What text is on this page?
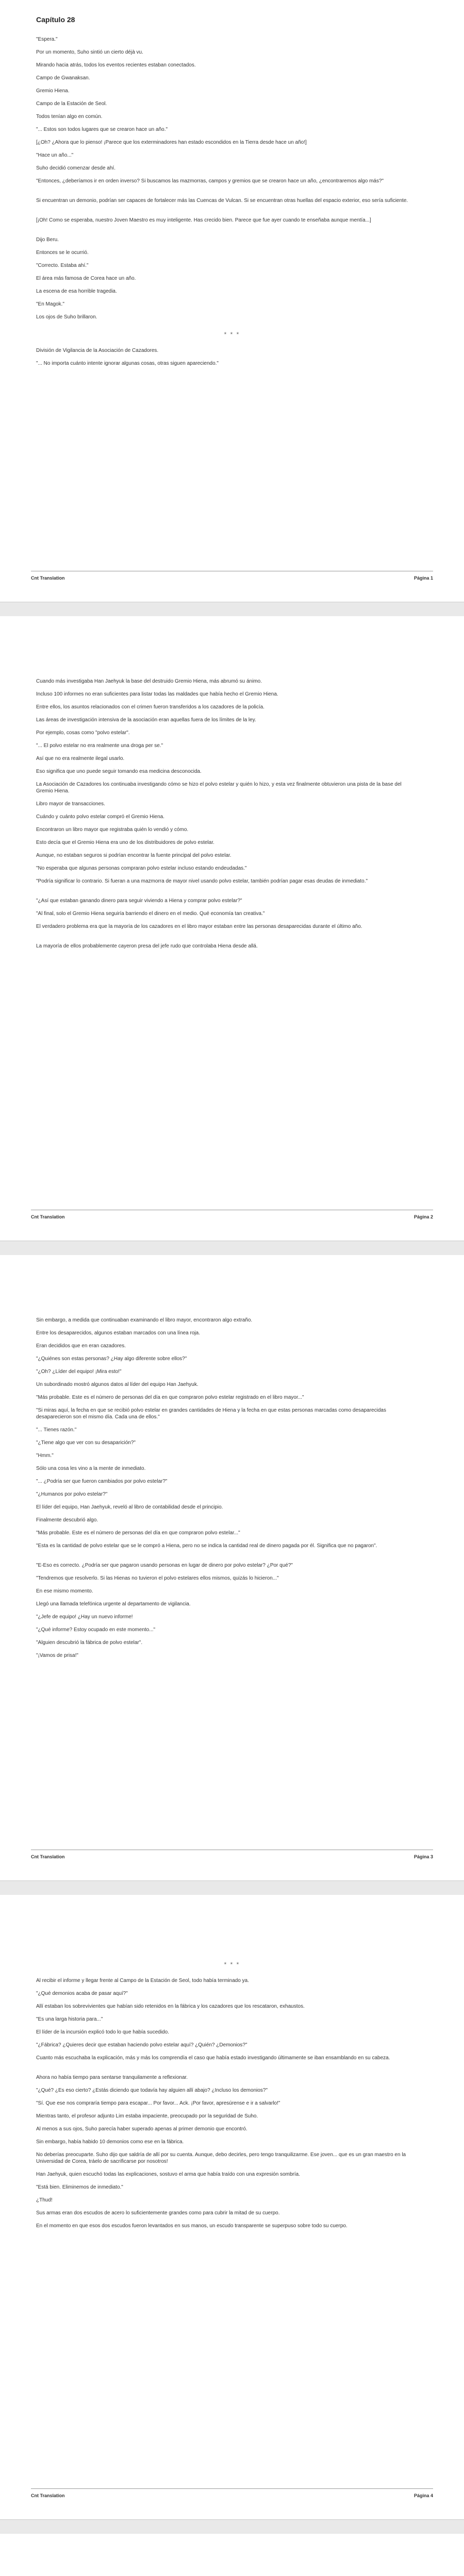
Capítulo 28
"Espera."
Por un momento, Suho sintió un cierto déjà vu.
Mirando hacia atrás, todos los eventos recientes estaban conectados.
Campo de Gwanaksan.
Gremio Hiena.
Campo de la Estación de Seol.
Todos tenían algo en común.
"... Estos son todos lugares que se crearon hace un año."
[¿Oh? ¿Ahora que lo pienso! ¡Parece que los exterminadores han estado escondidos en la Tierra desde hace un año!]
"Hace un año..."
Suho decidió comenzar desde ahí.
"Entonces, ¿deberíamos ir en orden inverso? Si buscamos las mazmorras, campos y gremios que se crearon hace un año, ¿encontraremos algo más?"
Si encuentran un demonio, podrían ser capaces de fortalecer más las Cuencas de Vulcan. Si se encuentran otras huellas del espacio exterior, eso sería suficiente.
[¡Oh! Como se esperaba, nuestro Joven Maestro es muy inteligente. Has crecido bien. Parece que fue ayer cuando te enseñaba aunque mentía...]
Dijo Beru.
Entonces se le ocurrió.
"Correcto. Estaba ahí."
El área más famosa de Corea hace un año.
La escena de esa horrible tragedia.
"En Magok."
Los ojos de Suho brillaron.
* * *
División de Vigilancia de la Asociación de Cazadores.
"... No importa cuánto intente ignorar algunas cosas, otras siguen apareciendo."
Cnt Translation	Página 1
Cuando más investigaba Han Jaehyuk la base del destruido Gremio Hiena, más abrumó su ánimo.
Incluso 100 informes no eran suficientes para listar todas las maldades que había hecho el Gremio Hiena.
Entre ellos, los asuntos relacionados con el crimen fueron transferidos a los cazadores de la policía.
Las áreas de investigación intensiva de la asociación eran aquellas fuera de los límites de la ley.
Por ejemplo, cosas como "polvo estelar".
"... El polvo estelar no era realmente una droga per se."
Así que no era realmente ilegal usarlo.
Eso significa que uno puede seguir tomando esa medicina desconocida.
La Asociación de Cazadores los continuaba investigando cómo se hizo el polvo estelar y quién lo hizo, y esta vez finalmente obtuvieron una pista de la base del Gremio Hiena.
Libro mayor de transacciones.
Cuándo y cuánto polvo estelar compró el Gremio Hiena.
Encontraron un libro mayor que registraba quién lo vendió y cómo.
Esto decía que el Gremio Hiena era uno de los distribuidores de polvo estelar.
Aunque, no estaban seguros si podrían encontrar la fuente principal del polvo estelar.
"No esperaba que algunas personas compraran polvo estelar incluso estando endeudadas."
"Podría significar lo contrario. Si fueran a una mazmorra de mayor nivel usando polvo estelar, también podrían pagar esas deudas de inmediato."
"¿Así que estaban ganando dinero para seguir viviendo a Hiena y comprar polvo estelar?"
"Al final, solo el Gremio Hiena seguiría barriendo el dinero en el medio. Qué economía tan creativa."
El verdadero problema era que la mayoría de los cazadores en el libro mayor estaban entre las personas desaparecidas durante el último año.
La mayoría de ellos probablemente cayeron presa del jefe rudo que controlaba Hiena desde allá.
Cnt Translation	Página 2
Sin embargo, a medida que continuaban examinando el libro mayor, encontraron algo extraño.
Entre los desaparecidos, algunos estaban marcados con una línea roja.
Eran decididos que en eran cazadores.
"¿Quiénes son estas personas? ¿Hay algo diferente sobre ellos?"
"¿Oh? ¿Líder del equipo! ¡Mira esto!"
Un subordinado mostró algunos datos al líder del equipo Han Jaehyuk.
"Más probable. Este es el número de personas del día en que compraron polvo estelar registrado en el libro mayor..."
"Si miras aquí, la fecha en que se recibió polvo estelar en grandes cantidades de Hiena y la fecha en que estas personas marcadas como desaparecidas desaparecieron son el mismo día. Cada una de ellos."
"... Tienes razón."
"¿Tiene algo que ver con su desaparición?"
"Hmm."
Sólo una cosa les vino a la mente de inmediato.
"... ¿Podría ser que fueron cambiados por polvo estelar?"
"¿Humanos por polvo estelar?"
El líder del equipo, Han Jaehyuk, reveló al libro de contabilidad desde el principio.
Finalmente descubrió algo.
"Más probable. Este es el número de personas del día en que compraron polvo estelar..."
"Esta es la cantidad de polvo estelar que se le compró a Hiena, pero no se indica la cantidad real de dinero pagada por él. Significa que no pagaron".
"E-Eso es correcto. ¿Podría ser que pagaron usando personas en lugar de dinero por polvo estelar? ¿Por qué?"
"Tendremos que resolverlo. Si las Hienas no tuvieron el polvo estelares ellos mismos, quizás lo hicieron..."
En ese mismo momento.
Llegó una llamada telefónica urgente al departamento de vigilancia.
"¿Jefe de equipo! ¿Hay un nuevo informe!
"¿Qué informe? Estoy ocupado en este momento..."
"Alguien descubrió la fábrica de polvo estelar".
"¡Vamos de prisa!"
Cnt Translation	Página 3
* * *
Al recibir el informe y llegar frente al Campo de la Estación de Seol, todo había terminado ya.
"¿Qué demonios acaba de pasar aquí?"
Allí estaban los sobrevivientes que habían sido retenidos en la fábrica y los cazadores que los rescataron, exhaustos.
"Es una larga historia para..."
El líder de la incursión explicó todo lo que había sucedido.
"¿Fábrica? ¿Quieres decir que estaban haciendo polvo estelar aquí? ¿Quién? ¿Demonios?"
Cuanto más escuchaba la explicación, más y más los comprendía el caso que había estado investigando últimamente se iban ensamblando en su cabeza.
Ahora no había tiempo para sentarse tranquilamente a reflexionar.
"¿Qué? ¿Es eso cierto? ¿Estás diciendo que todavía hay alguien allí abajo? ¿Incluso los demonios?"
"Sí. Que ese nos compraría tiempo para escapar... Por favor... Ack. ¡Por favor, apresúrense e ir a salvarlo!"
Mientras tanto, el profesor adjunto Lim estaba impaciente, preocupado por la seguridad de Suho.
Al menos a sus ojos, Suho parecía haber superado apenas al primer demonio que encontró.
Sin embargo, había habido 10 demonios como ese en la fábrica.
No deberías preocuparte. Suho dijo que saldría de allí por su cuenta. Aunque, debo decirles, pero tengo tranquilizarme. Ese joven... que es un gran maestro en la Universidad de Corea, tráelo de sacrificarse por nosotros!
Han Jaehyuk, quien escuchó todas las explicaciones, sostuvo el arma que había traído con una expresión sombría.
"Está bien. Eliminemos de inmediato."
¿Thud!
Sus armas eran dos escudos de acero lo suficientemente grandes como para cubrir la mitad de su cuerpo.
En el momento en que esos dos escudos fueron levantados en sus manos, un escudo transparente se superpuso sobre todo su cuerpo.
Cnt Translation	Página 4
